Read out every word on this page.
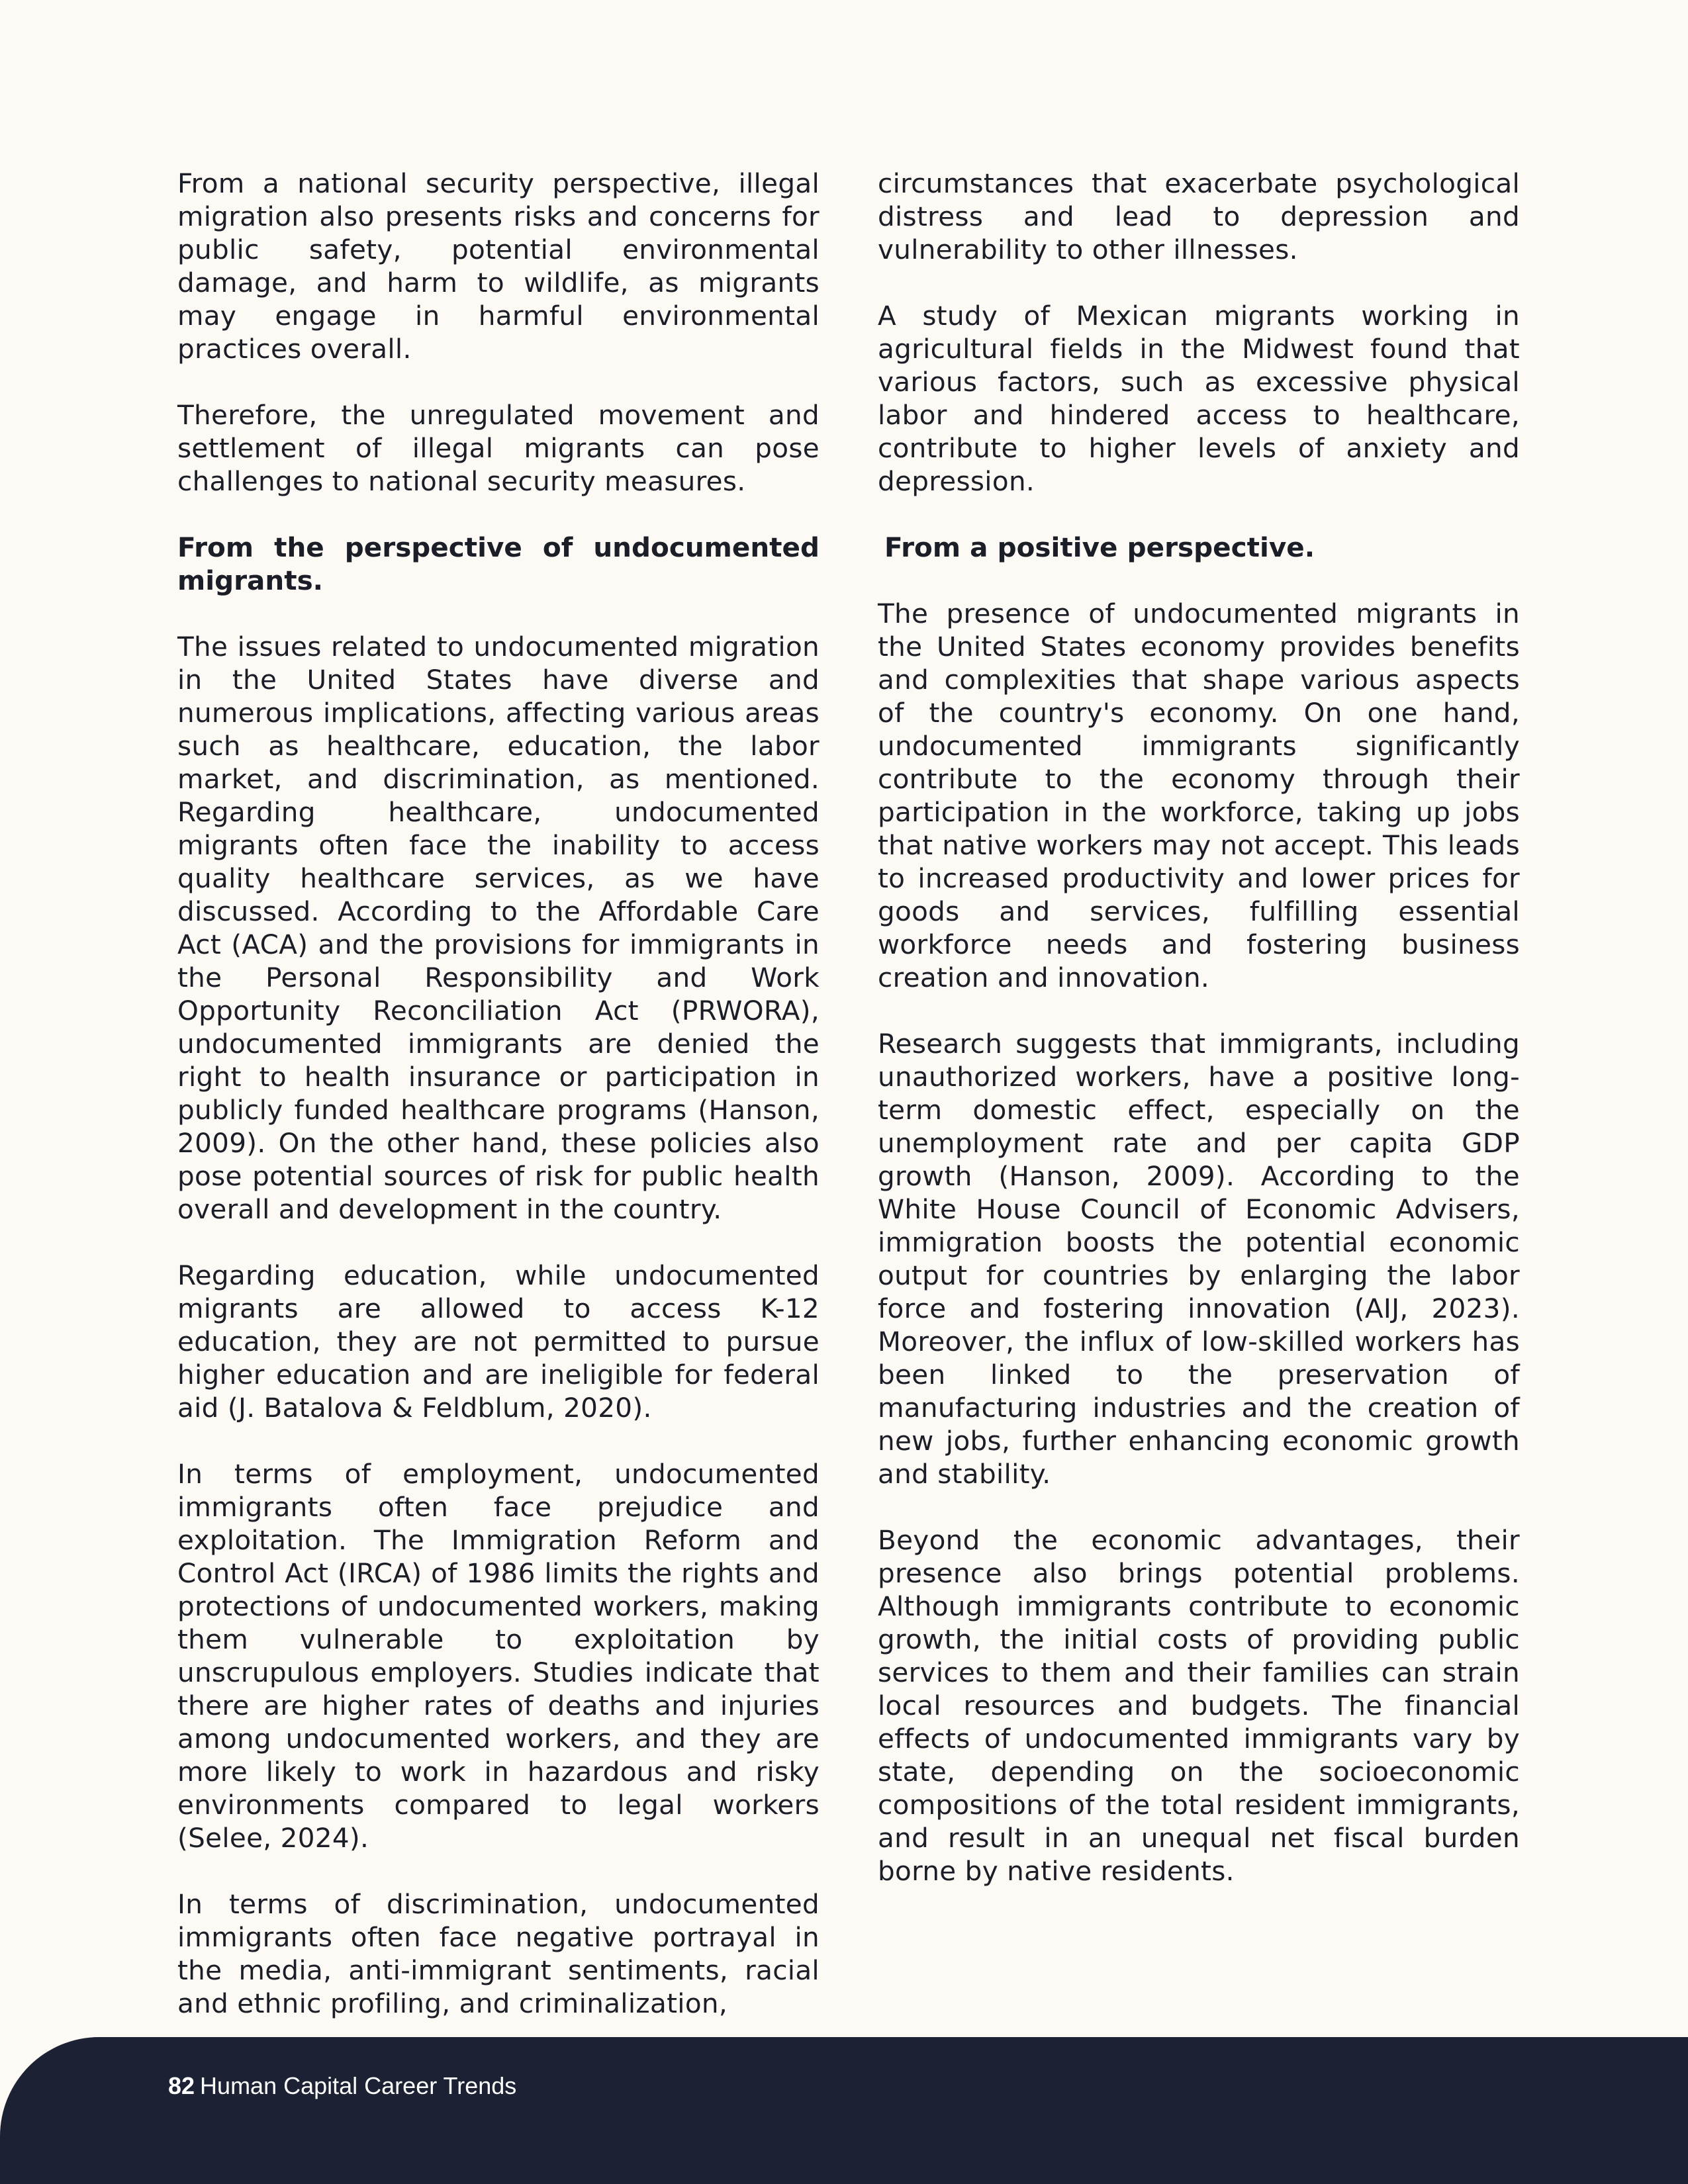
From a national security perspective, illegal migration also presents risks and concerns for public safety, potential environmental damage, and harm to wildlife, as migrants may engage in harmful environmental practices overall.

Therefore, the unregulated movement and settlement of illegal migrants can pose challenges to national security measures.

From the perspective of undocumented migrants.

The issues related to undocumented migration in the United States have diverse and numerous implications, affecting various areas such as healthcare, education, the labor market, and discrimination, as mentioned. Regarding healthcare, undocumented migrants often face the inability to access quality healthcare services, as we have discussed. According to the Affordable Care Act (ACA) and the provisions for immigrants in the Personal Responsibility and Work Opportunity Reconciliation Act (PRWORA), undocumented immigrants are denied the right to health insurance or participation in publicly funded healthcare programs (Hanson, 2009). On the other hand, these policies also pose potential sources of risk for public health overall and development in the country.

Regarding education, while undocumented migrants are allowed to access K-12 education, they are not permitted to pursue higher education and are ineligible for federal aid (J. Batalova & Feldblum, 2020).

In terms of employment, undocumented immigrants often face prejudice and exploitation. The Immigration Reform and Control Act (IRCA) of 1986 limits the rights and protections of undocumented workers, making them vulnerable to exploitation by unscrupulous employers. Studies indicate that there are higher rates of deaths and injuries among undocumented workers, and they are more likely to work in hazardous and risky environments compared to legal workers (Selee, 2024).

In terms of discrimination, undocumented immigrants often face negative portrayal in the media, anti-immigrant sentiments, racial and ethnic profiling, and criminalization,

circumstances that exacerbate psychological distress and lead to depression and vulnerability to other illnesses.

A study of Mexican migrants working in agricultural fields in the Midwest found that various factors, such as excessive physical labor and hindered access to healthcare, contribute to higher levels of anxiety and depression.

From a positive perspective.

The presence of undocumented migrants in the United States economy provides benefits and complexities that shape various aspects of the country's economy. On one hand, undocumented immigrants significantly contribute to the economy through their participation in the workforce, taking up jobs that native workers may not accept. This leads to increased productivity and lower prices for goods and services, fulfilling essential workforce needs and fostering business creation and innovation.

Research suggests that immigrants, including unauthorized workers, have a positive long-term domestic effect, especially on the unemployment rate and per capita GDP growth (Hanson, 2009). According to the White House Council of Economic Advisers, immigration boosts the potential economic output for countries by enlarging the labor force and fostering innovation (AIJ, 2023). Moreover, the influx of low-skilled workers has been linked to the preservation of manufacturing industries and the creation of new jobs, further enhancing economic growth and stability.

Beyond the economic advantages, their presence also brings potential problems. Although immigrants contribute to economic growth, the initial costs of providing public services to them and their families can strain local resources and budgets. The financial effects of undocumented immigrants vary by state, depending on the socioeconomic compositions of the total resident immigrants, and result in an unequal net fiscal burden borne by native residents.

82 Human Capital Career Trends
